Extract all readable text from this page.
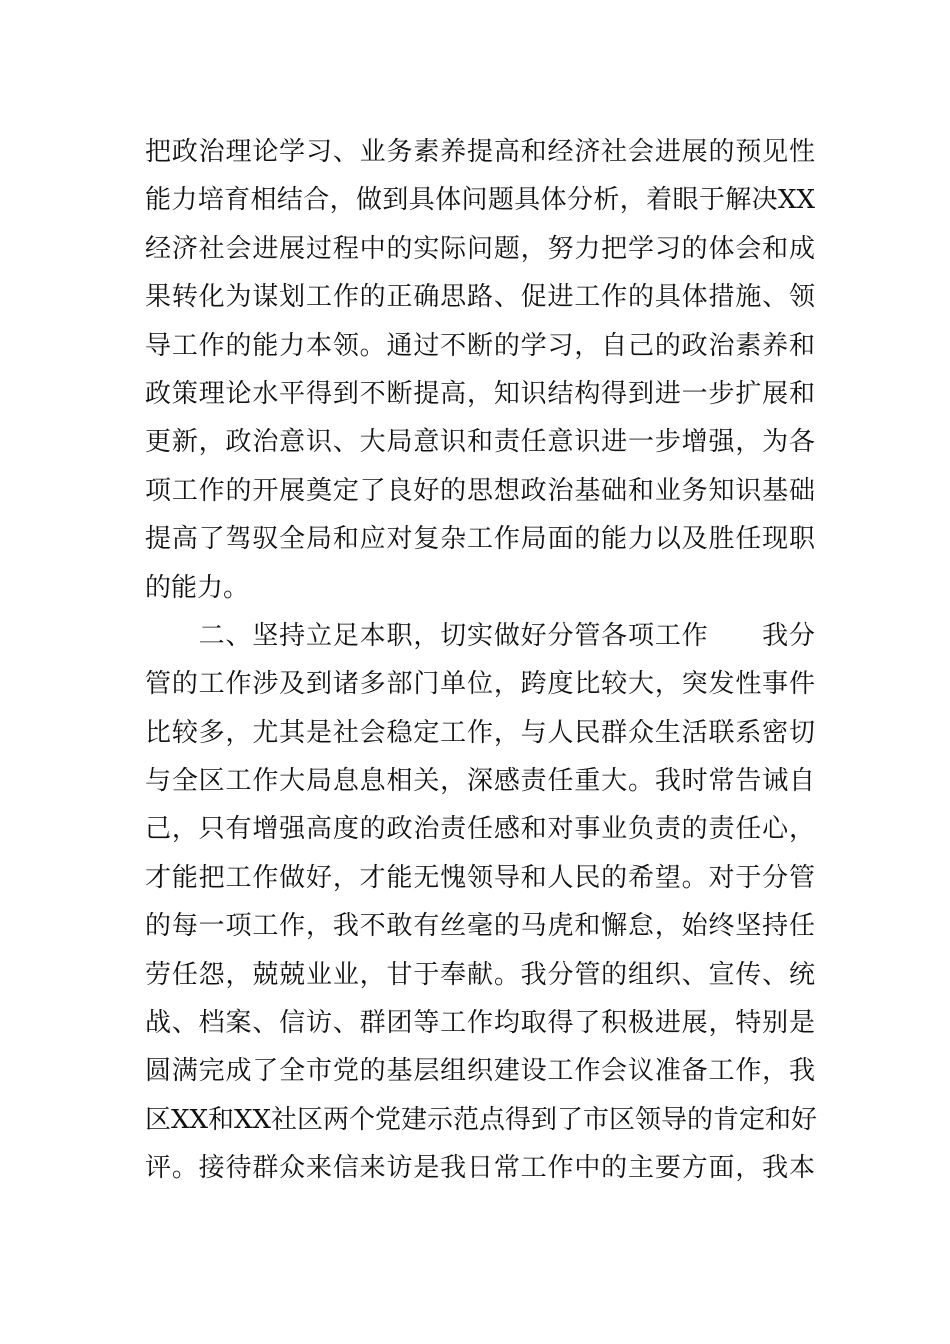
把政治理论学习、业务素养提高和经济社会进展的预见性
能力培育相结合，做到具体问题具体分析，着眼于解决XX
经济社会进展过程中的实际问题，努力把学习的体会和成
果转化为谋划工作的正确思路、促进工作的具体措施、领
导工作的能力本领。通过不断的学习，自己的政治素养和
政策理论水平得到不断提高，知识结构得到进一步扩展和
更新，政治意识、大局意识和责任意识进一步增强，为各
项工作的开展奠定了良好的思想政治基础和业务知识基础
提高了驾驭全局和应对复杂工作局面的能力以及胜任现职
的能力。
　　二、坚持立足本职，切实做好分管各项工作　　我分
管的工作涉及到诸多部门单位，跨度比较大，突发性事件
比较多，尤其是社会稳定工作，与人民群众生活联系密切
与全区工作大局息息相关，深感责任重大。我时常告诫自
己，只有增强高度的政治责任感和对事业负责的责任心，
才能把工作做好，才能无愧领导和人民的希望。对于分管
的每一项工作，我不敢有丝毫的马虎和懈怠，始终坚持任
劳任怨，兢兢业业，甘于奉献。我分管的组织、宣传、统
战、档案、信访、群团等工作均取得了积极进展，特别是
圆满完成了全市党的基层组织建设工作会议准备工作，我
区XX和XX社区两个党建示范点得到了市区领导的肯定和好
评。接待群众来信来访是我日常工作中的主要方面，我本
